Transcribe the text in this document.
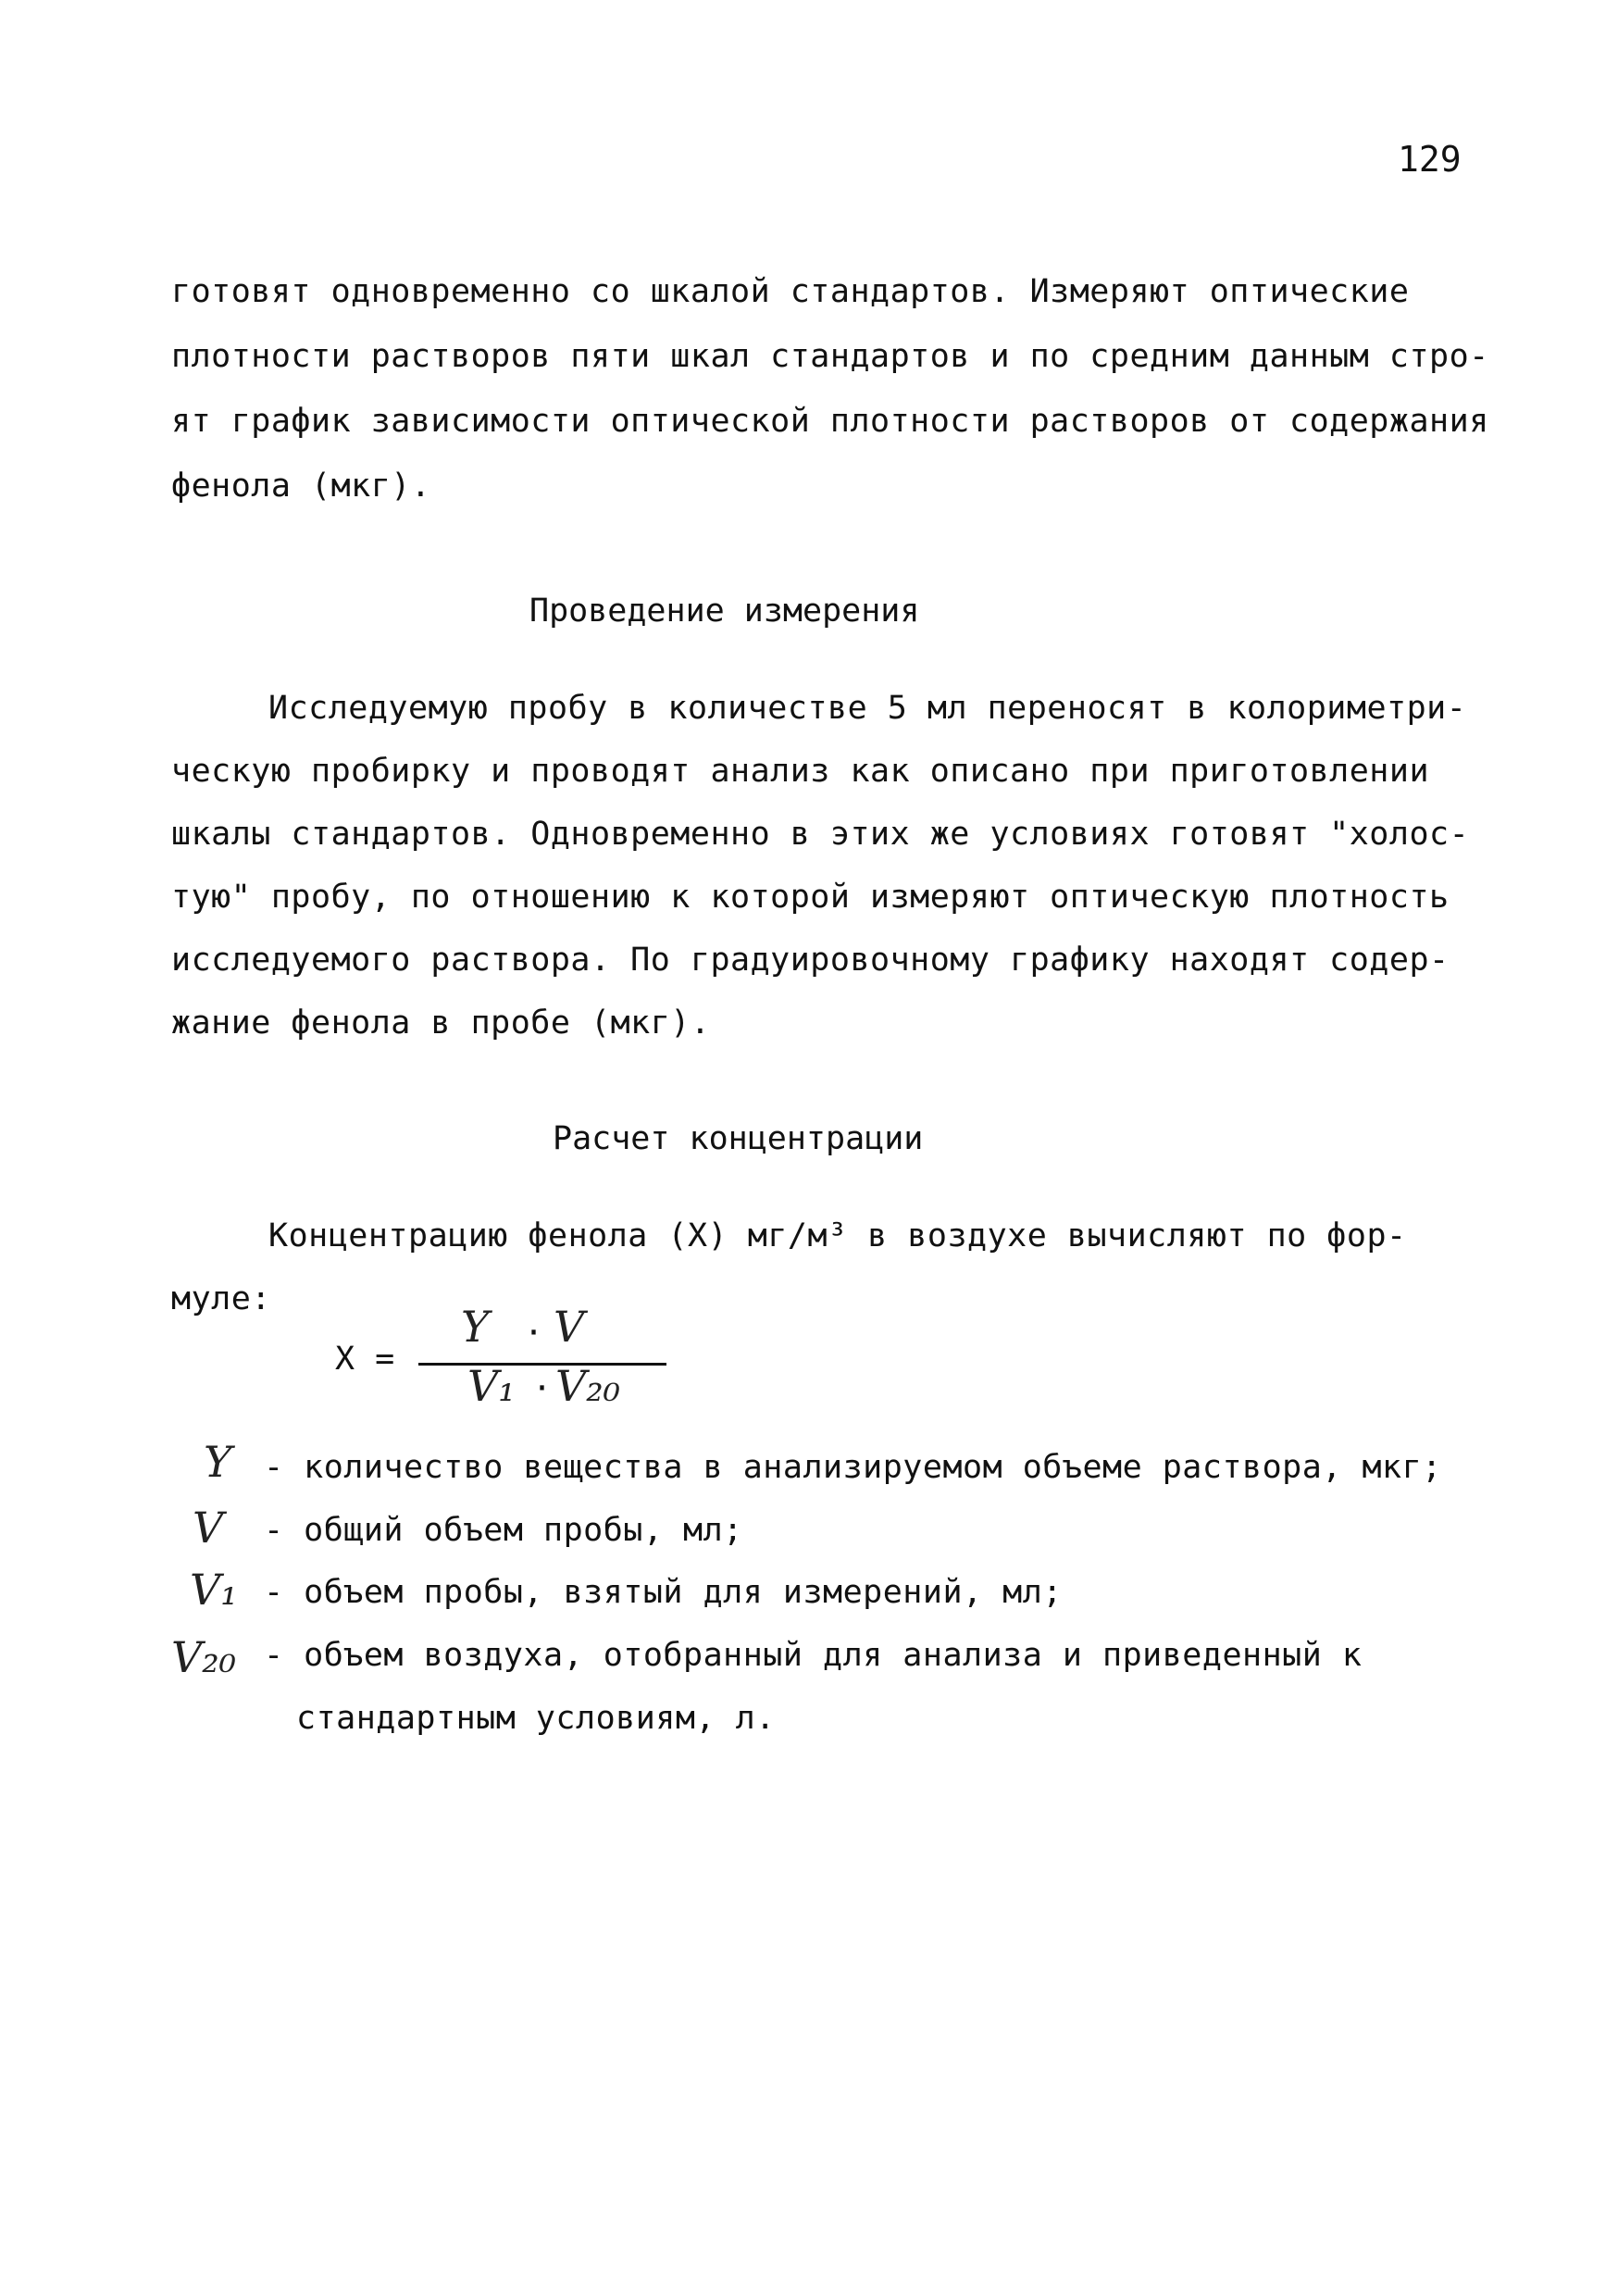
129
готовят одновременно со шкалой стандартов. Измеряют оптические
плотности растворов пяти шкал стандартов и по средним данным стро-
ят график зависимости оптической плотности растворов от содержания
фенола (мкг).
Проведение измерения
Исследуемую пробу в количестве 5 мл переносят в колориметри-
ческую пробирку и проводят анализ как описано при приготовлении
шкалы стандартов. Одновременно в этих же условиях готовят "холос-
тую" пробу, по отношению к которой измеряют оптическую плотность
исследуемого раствора. По градуировочному графику находят содер-
жание фенола в пробе (мкг).
Расчет концентрации
Концентрацию фенола (X) мг/м³ в воздухе вычисляют по фор-
муле:
X =
Y · V
V₁ · V₂₀
Y - количество вещества в анализируемом объеме раствора, мкг;
V - общий объем пробы, мл;
V₁ - объем пробы, взятый для измерений, мл;
V₂₀ - объем воздуха, отобранный для анализа и приведенный к
стандартным условиям, л.
